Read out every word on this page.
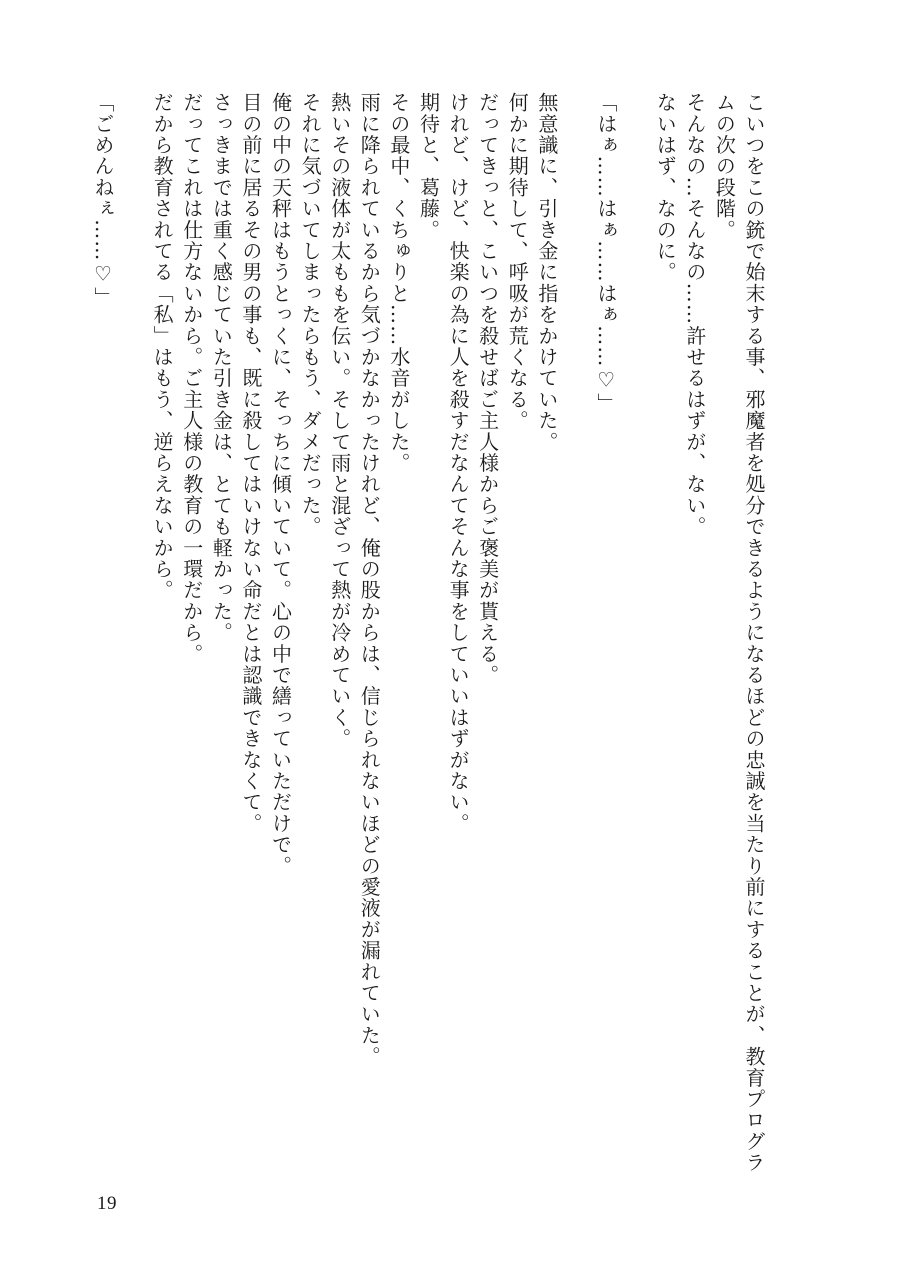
こいつをこの銃で始末する事、邪魔者を処分できるようになるほどの忠誠を当たり前にすることが、教育プログラ
ムの次の段階。
そんなの…そんなの……許せるはずが、ない。
ないはず、なのに。
「はぁ……はぁ……はぁ……♡」
無意識に、引き金に指をかけていた。
何かに期待して、呼吸が荒くなる。
だってきっと、こいつを殺せばご主人様からご褒美が貰える。
けれど、けど、快楽の為に人を殺すだなんてそんな事をしていいはずがない。
期待と、葛藤。
その最中、くちゅりと……水音がした。
雨に降られているから気づかなかったけれど、俺の股からは、信じられないほどの愛液が漏れていた。
熱いその液体が太ももを伝い。そして雨と混ざって熱が冷めていく。
それに気づいてしまったらもう、ダメだった。
俺の中の天秤はもうとっくに、そっちに傾いていて。心の中で繕っていただけで。
目の前に居るその男の事も、既に殺してはいけない命だとは認識できなくて。
さっきまでは重く感じていた引き金は、とても軽かった。
だってこれは仕方ないから。ご主人様の教育の一環だから。
だから教育されてる「私」はもう、逆らえないから。
「ごめんねぇ……♡」
19
